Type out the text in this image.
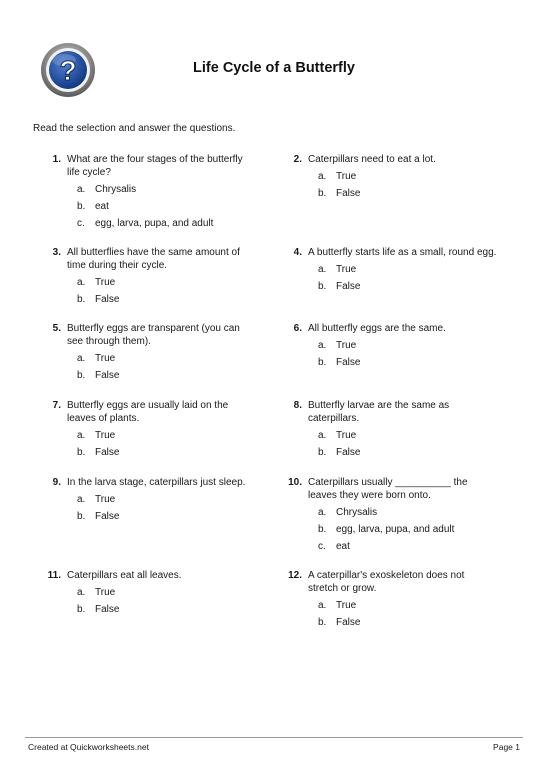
?	Life Cycle of a Butterfly
Read the selection and answer the questions.
1. What are the four stages of the butterfly life cycle?
a. Chrysalis
b. eat
c. egg, larva, pupa, and adult
2. Caterpillars need to eat a lot.
a. True
b. False
3. All butterflies have the same amount of time during their cycle.
a. True
b. False
4. A butterfly starts life as a small, round egg.
a. True
b. False
5. Butterfly eggs are transparent (you can see through them).
a. True
b. False
6. All butterfly eggs are the same.
a. True
b. False
7. Butterfly eggs are usually laid on the leaves of plants.
a. True
b. False
8. Butterfly larvae are the same as caterpillars.
a. True
b. False
9. In the larva stage, caterpillars just sleep.
a. True
b. False
10. Caterpillars usually __________ the leaves they were born onto.
a. Chrysalis
b. egg, larva, pupa, and adult
c. eat
11. Caterpillars eat all leaves.
a. True
b. False
12. A caterpillar's exoskeleton does not stretch or grow.
a. True
b. False
Created at Quickworksheets.net	Page 1
